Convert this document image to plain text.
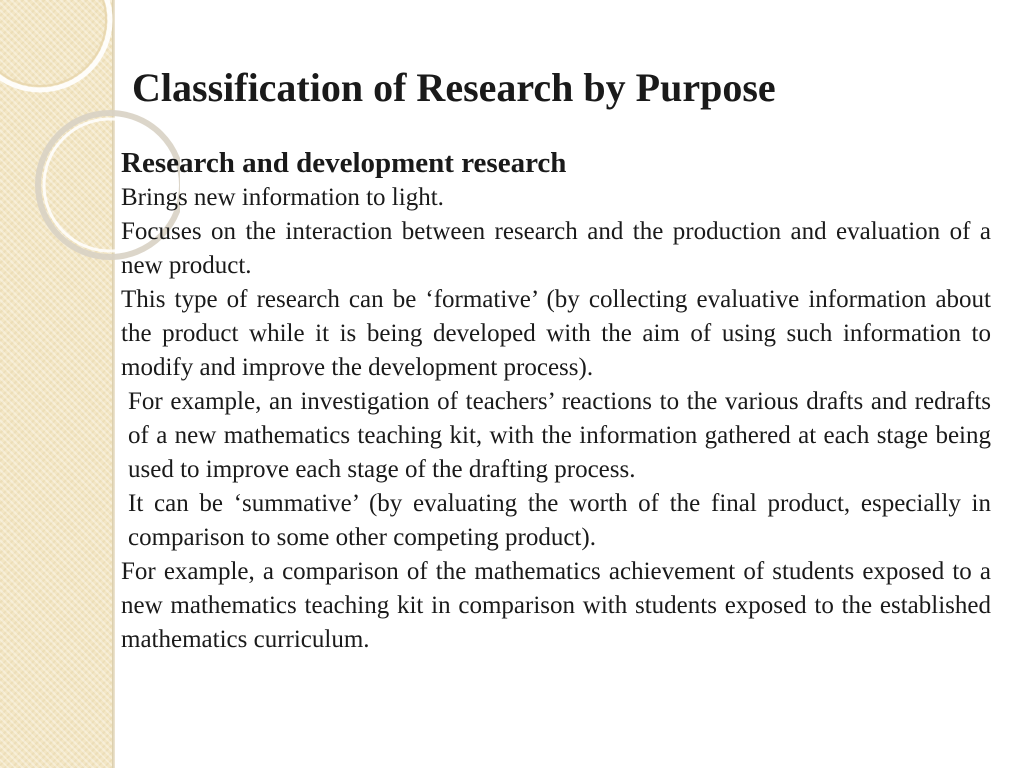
Classification of Research by Purpose

Research and development research

Brings new information to light.

Focuses on the interaction between research and the production and evaluation of a new product.

This type of research can be ‘formative’ (by collecting evaluative information about the product while it is being developed with the aim of using such information to modify and improve the development process).

For example, an investigation of teachers’ reactions to the various drafts and redrafts of a new mathematics teaching kit, with the information gathered at each stage being used to improve each stage of the drafting process.

It can be ‘summative’ (by evaluating the worth of the final product, especially in comparison to some other competing product).

For example, a comparison of the mathematics achievement of students exposed to a new mathematics teaching kit in comparison with students exposed to the established mathematics curriculum.
